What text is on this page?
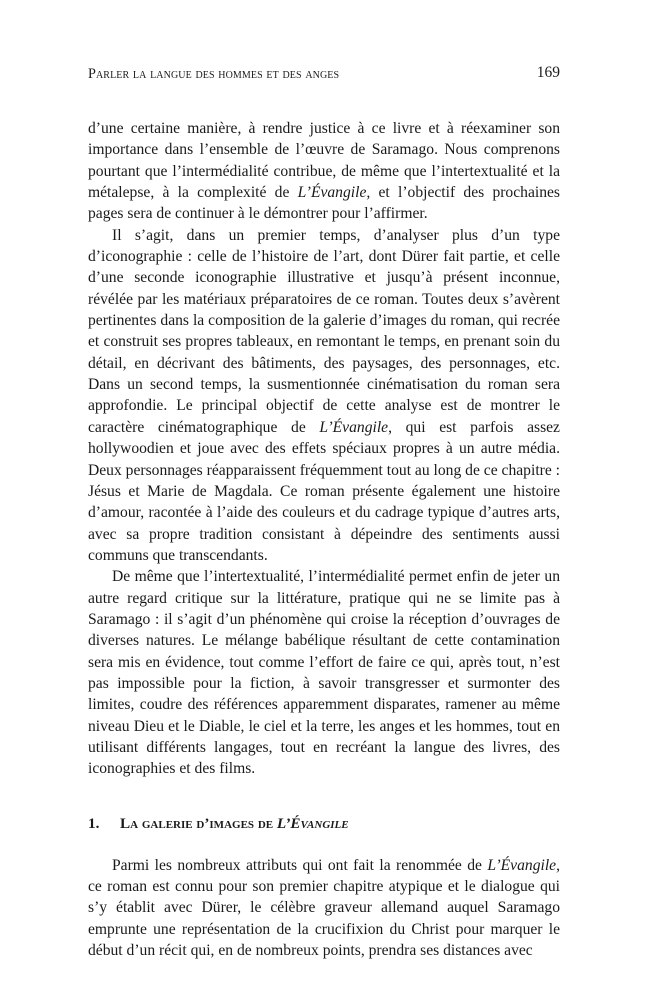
Parler la langue des hommes et des anges	169

d’une certaine manière, à rendre justice à ce livre et à réexaminer son importance dans l’ensemble de l’œuvre de Saramago. Nous comprenons pourtant que l’intermédialité contribue, de même que l’intertextualité et la métalepse, à la complexité de L’Évangile, et l’objectif des prochaines pages sera de continuer à le démontrer pour l’affirmer.

Il s’agit, dans un premier temps, d’analyser plus d’un type d’iconographie : celle de l’histoire de l’art, dont Dürer fait partie, et celle d’une seconde iconographie illustrative et jusqu’à présent inconnue, révélée par les matériaux préparatoires de ce roman. Toutes deux s’avèrent pertinentes dans la composition de la galerie d’images du roman, qui recrée et construit ses propres tableaux, en remontant le temps, en prenant soin du détail, en décrivant des bâtiments, des paysages, des personnages, etc. Dans un second temps, la susmentionnée cinématisation du roman sera approfondie. Le principal objectif de cette analyse est de montrer le caractère cinématographique de L’Évangile, qui est parfois assez hollywoodien et joue avec des effets spéciaux propres à un autre média. Deux personnages réapparaissent fréquemment tout au long de ce chapitre : Jésus et Marie de Magdala. Ce roman présente également une histoire d’amour, racontée à l’aide des couleurs et du cadrage typique d’autres arts, avec sa propre tradition consistant à dépeindre des sentiments aussi communs que transcendants.

De même que l’intertextualité, l’intermédialité permet enfin de jeter un autre regard critique sur la littérature, pratique qui ne se limite pas à Saramago : il s’agit d’un phénomène qui croise la réception d’ouvrages de diverses natures. Le mélange babélique résultant de cette contamination sera mis en évidence, tout comme l’effort de faire ce qui, après tout, n’est pas impossible pour la fiction, à savoir transgresser et surmonter des limites, coudre des références apparemment disparates, ramener au même niveau Dieu et le Diable, le ciel et la terre, les anges et les hommes, tout en utilisant différents langages, tout en recréant la langue des livres, des iconographies et des films.

1. La galerie d’images de L’Évangile

Parmi les nombreux attributs qui ont fait la renommée de L’Évangile, ce roman est connu pour son premier chapitre atypique et le dialogue qui s’y établit avec Dürer, le célèbre graveur allemand auquel Saramago emprunte une représentation de la crucifixion du Christ pour marquer le début d’un récit qui, en de nombreux points, prendra ses distances avec
